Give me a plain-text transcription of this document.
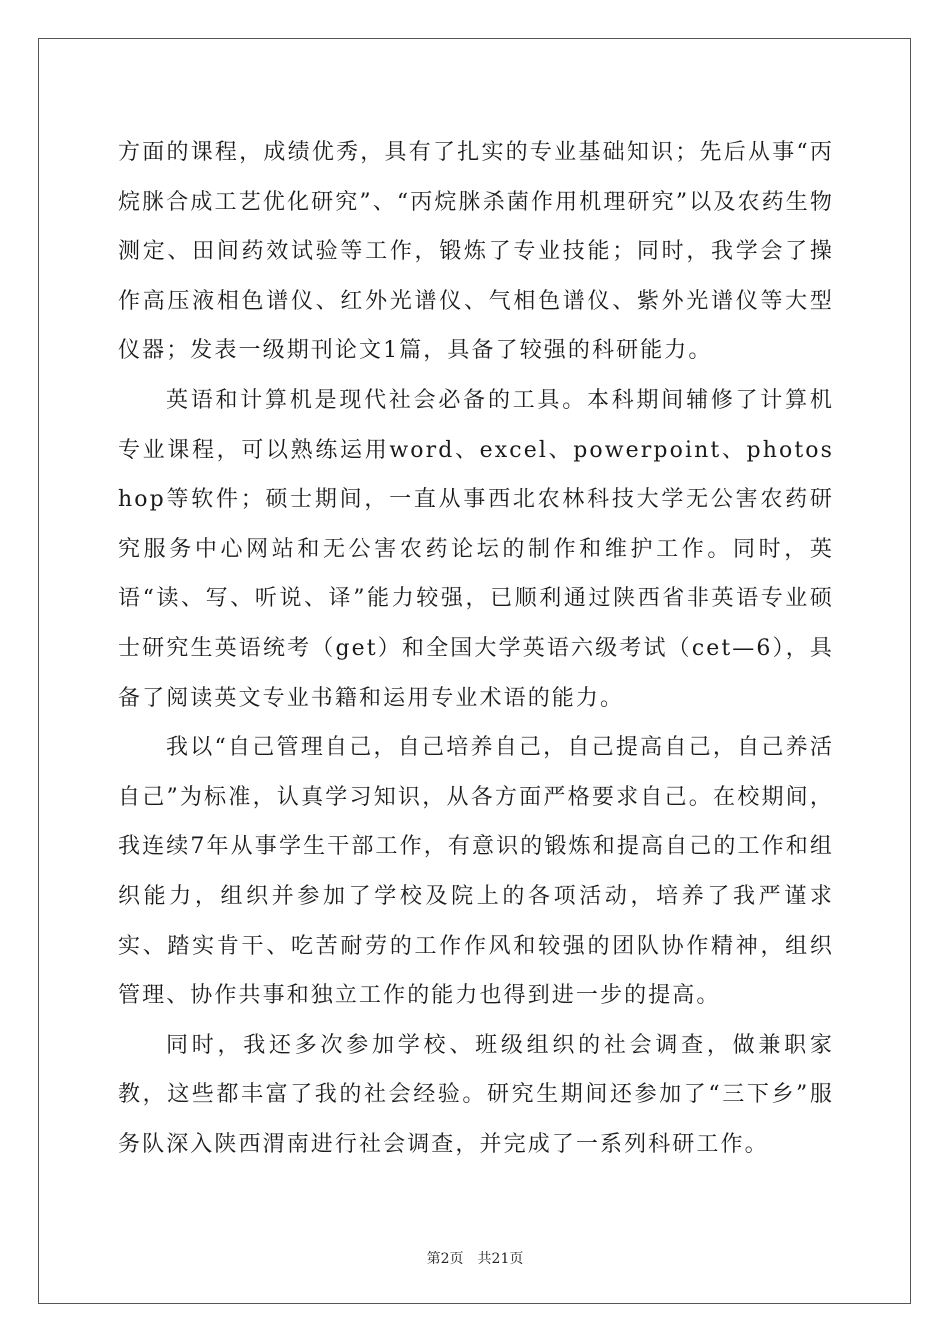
方面的课程，成绩优秀，具有了扎实的专业基础知识；先后从事“丙烷脒合成工艺优化研究”、“丙烷脒杀菌作用机理研究”以及农药生物测定、田间药效试验等工作，锻炼了专业技能；同时，我学会了操作高压液相色谱仪、红外光谱仪、气相色谱仪、紫外光谱仪等大型仪器；发表一级期刊论文1篇，具备了较强的科研能力。

英语和计算机是现代社会必备的工具。本科期间辅修了计算机专业课程，可以熟练运用word、excel、powerpoint、photoshop等软件；硕士期间，一直从事西北农林科技大学无公害农药研究服务中心网站和无公害农药论坛的制作和维护工作。同时，英语“读、写、听说、译”能力较强，已顺利通过陕西省非英语专业硕士研究生英语统考（get）和全国大学英语六级考试（cet—6），具备了阅读英文专业书籍和运用专业术语的能力。

我以“自己管理自己，自己培养自己，自己提高自己，自己养活自己”为标准，认真学习知识，从各方面严格要求自己。在校期间，我连续7年从事学生干部工作，有意识的锻炼和提高自己的工作和组织能力，组织并参加了学校及院上的各项活动，培养了我严谨求实、踏实肯干、吃苦耐劳的工作作风和较强的团队协作精神，组织管理、协作共事和独立工作的能力也得到进一步的提高。

同时，我还多次参加学校、班级组织的社会调查，做兼职家教，这些都丰富了我的社会经验。研究生期间还参加了“三下乡”服务队深入陕西渭南进行社会调查，并完成了一系列科研工作。

第2页 共21页
